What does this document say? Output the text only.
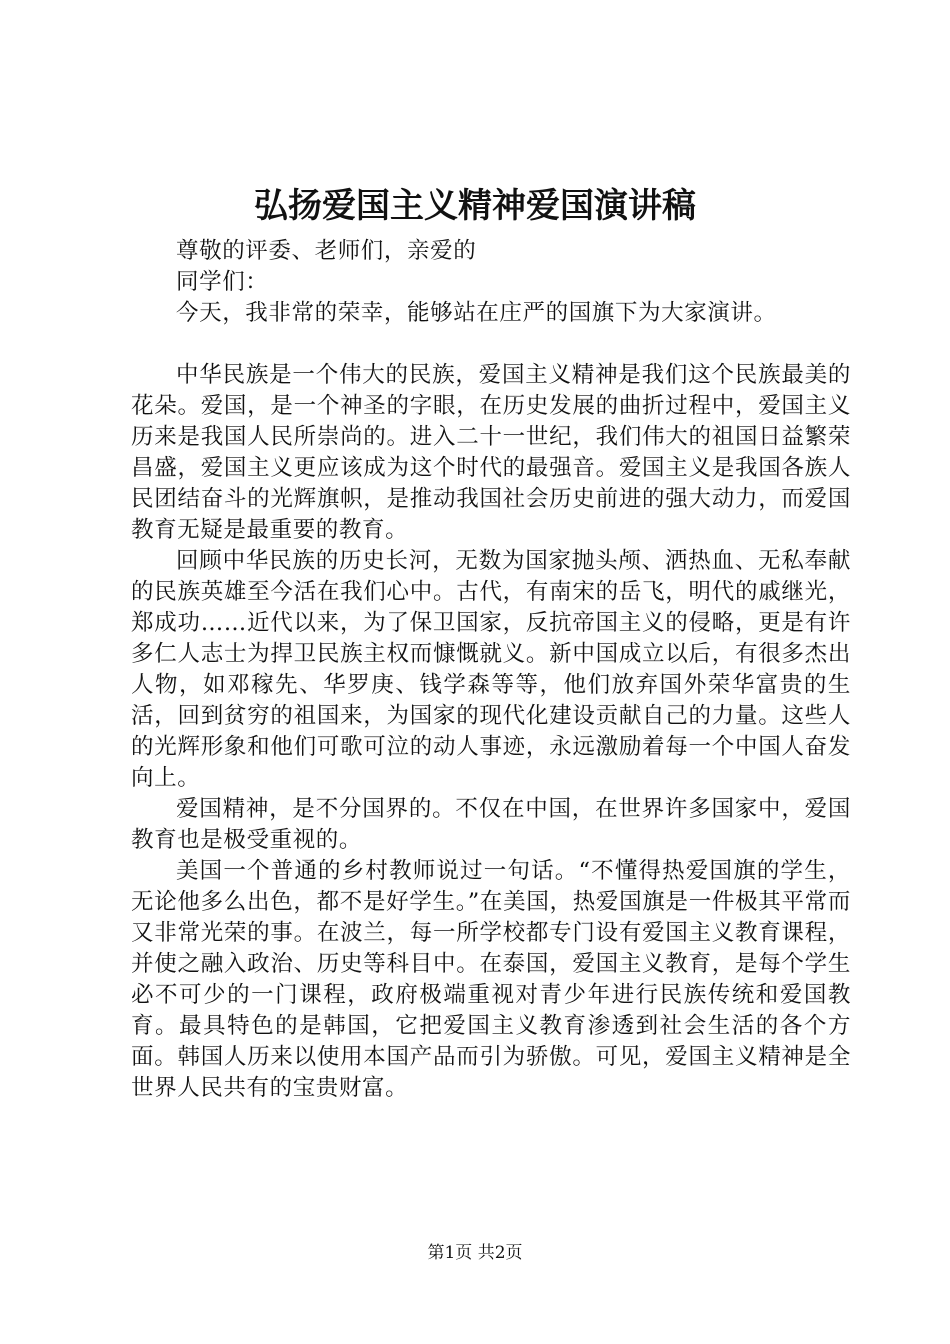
弘扬爱国主义精神爱国演讲稿

尊敬的评委、老师们，亲爱的

同学们：

今天，我非常的荣幸，能够站在庄严的国旗下为大家演讲。

中华民族是一个伟大的民族，爱国主义精神是我们这个民族最美的花朵。爱国，是一个神圣的字眼，在历史发展的曲折过程中，爱国主义历来是我国人民所崇尚的。进入二十一世纪，我们伟大的祖国日益繁荣昌盛，爱国主义更应该成为这个时代的最强音。爱国主义是我国各族人民团结奋斗的光辉旗帜，是推动我国社会历史前进的强大动力，而爱国教育无疑是最重要的教育。

回顾中华民族的历史长河，无数为国家抛头颅、洒热血、无私奉献的民族英雄至今活在我们心中。古代，有南宋的岳飞，明代的戚继光，郑成功……近代以来，为了保卫国家，反抗帝国主义的侵略，更是有许多仁人志士为捍卫民族主权而慷慨就义。新中国成立以后，有很多杰出人物，如邓稼先、华罗庚、钱学森等等，他们放弃国外荣华富贵的生活，回到贫穷的祖国来，为国家的现代化建设贡献自己的力量。这些人的光辉形象和他们可歌可泣的动人事迹，永远激励着每一个中国人奋发向上。

爱国精神，是不分国界的。不仅在中国，在世界许多国家中，爱国教育也是极受重视的。

美国一个普通的乡村教师说过一句话。“不懂得热爱国旗的学生，无论他多么出色，都不是好学生。”在美国，热爱国旗是一件极其平常而又非常光荣的事。在波兰，每一所学校都专门设有爱国主义教育课程，并使之融入政治、历史等科目中。在泰国，爱国主义教育，是每个学生必不可少的一门课程，政府极端重视对青少年进行民族传统和爱国教育。最具特色的是韩国，它把爱国主义教育渗透到社会生活的各个方面。韩国人历来以使用本国产品而引为骄傲。可见，爱国主义精神是全世界人民共有的宝贵财富。

第1页 共2页
